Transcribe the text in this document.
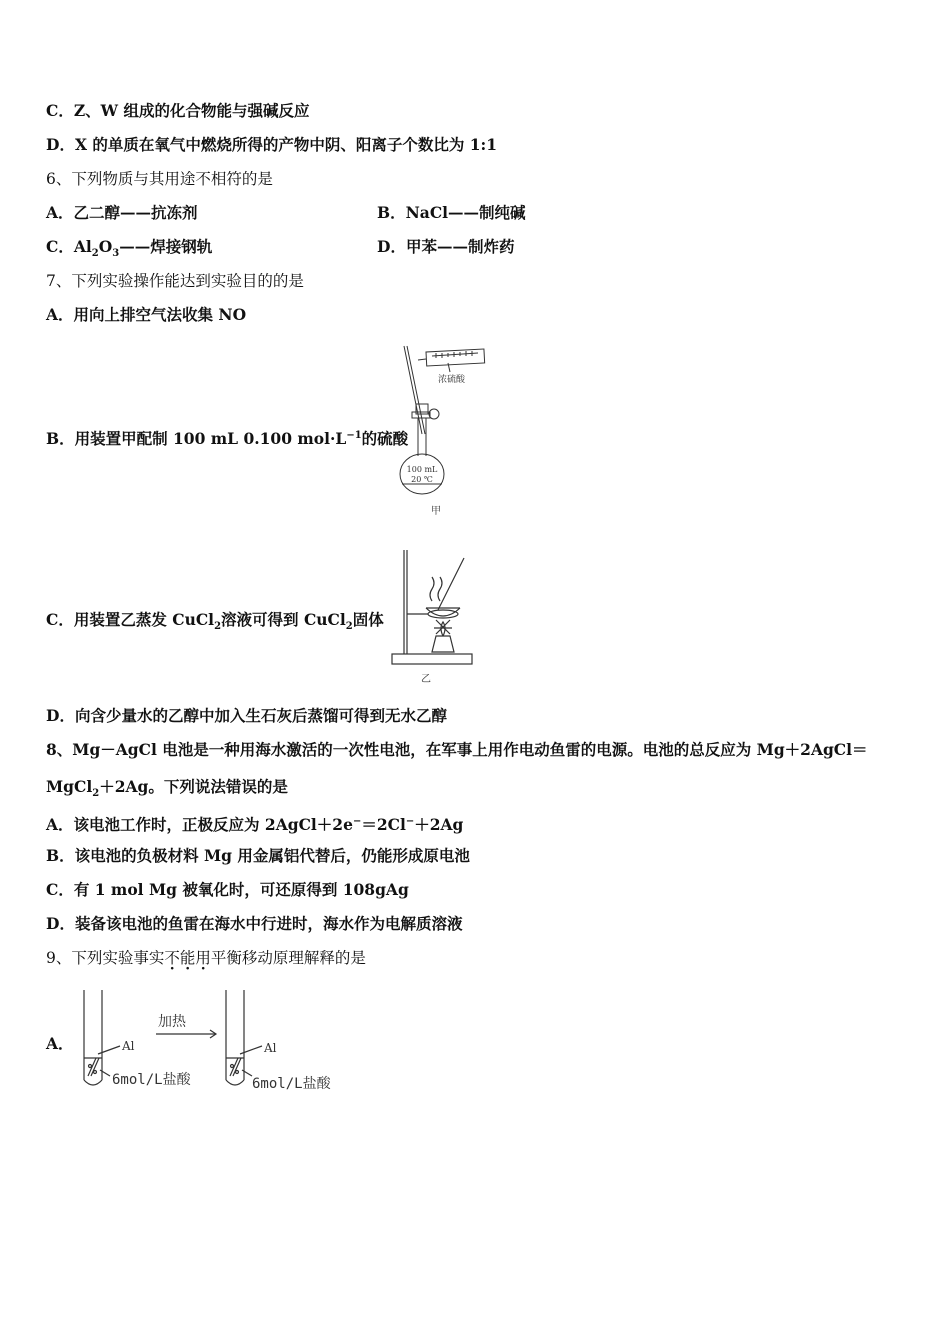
C．Z、W 组成的化合物能与强碱反应
D．X 的单质在氧气中燃烧所得的产物中阴、阳离子个数比为 1:1
6、下列物质与其用途不相符的是
A．乙二醇——抗冻剂	B．NaCl——制纯碱
C．$Al_2O_3——$焊接钢轨	D．甲苯——制炸药
7、下列实验操作能达到实验目的的是
A．用向上排空气法收集 NO
B．用装置甲配制 100 mL 0.100 $mol\cdot L^{-1}$的硫酸
浓硫酸
100 mL
20 ℃
甲
C．用装置乙蒸发 CuCl$_2$溶液可得到 CuCl$_2$固体
乙
D．向含少量水的乙醇中加入生石灰后蒸馏可得到无水乙醇
8、Mg－AgCl 电池是一种用海水激活的一次性电池，在军事上用作电动鱼雷的电源。电池的总反应为 Mg＋2AgCl＝
MgCl$_2$＋2Ag。下列说法错误的是
A．该电池工作时，正极反应为 2AgCl＋2e−＝2Cl−＋2Ag
B．该电池的负极材料 Mg 用金属铝代替后，仍能形成原电池
C．有 1 mol Mg 被氧化时，可还原得到 108gAg
D．装备该电池的鱼雷在海水中行进时，海水作为电解质溶液
9、下列实验事实不能用平衡移动原理解释的是
A．
加热
Al
6mol/L盐酸
Al
6mol/L盐酸
